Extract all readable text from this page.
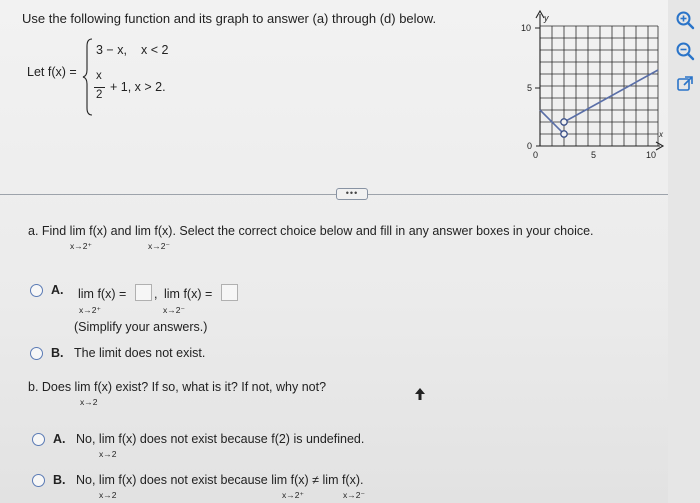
Use the following function and its graph to answer (a) through (d) below.
Let f(x) =
3 − x, x < 2
x
2
+ 1, x > 2.
y
x
10
5
0
0	5	10
•••
a. Find lim f(x) and lim f(x). Select the correct choice below and fill in any answer boxes in your choice.
x→2⁺	x→2⁻
A. lim f(x) = , lim f(x) =
x→2⁺	x→2⁻
(Simplify your answers.)
B. The limit does not exist.
b. Does lim f(x) exist? If so, what is it? If not, why not?
x→2
A. No, lim f(x) does not exist because f(2) is undefined.
x→2
B. No, lim f(x) does not exist because lim f(x) ≠ lim f(x).
x→2	x→2⁺	x→2⁻
